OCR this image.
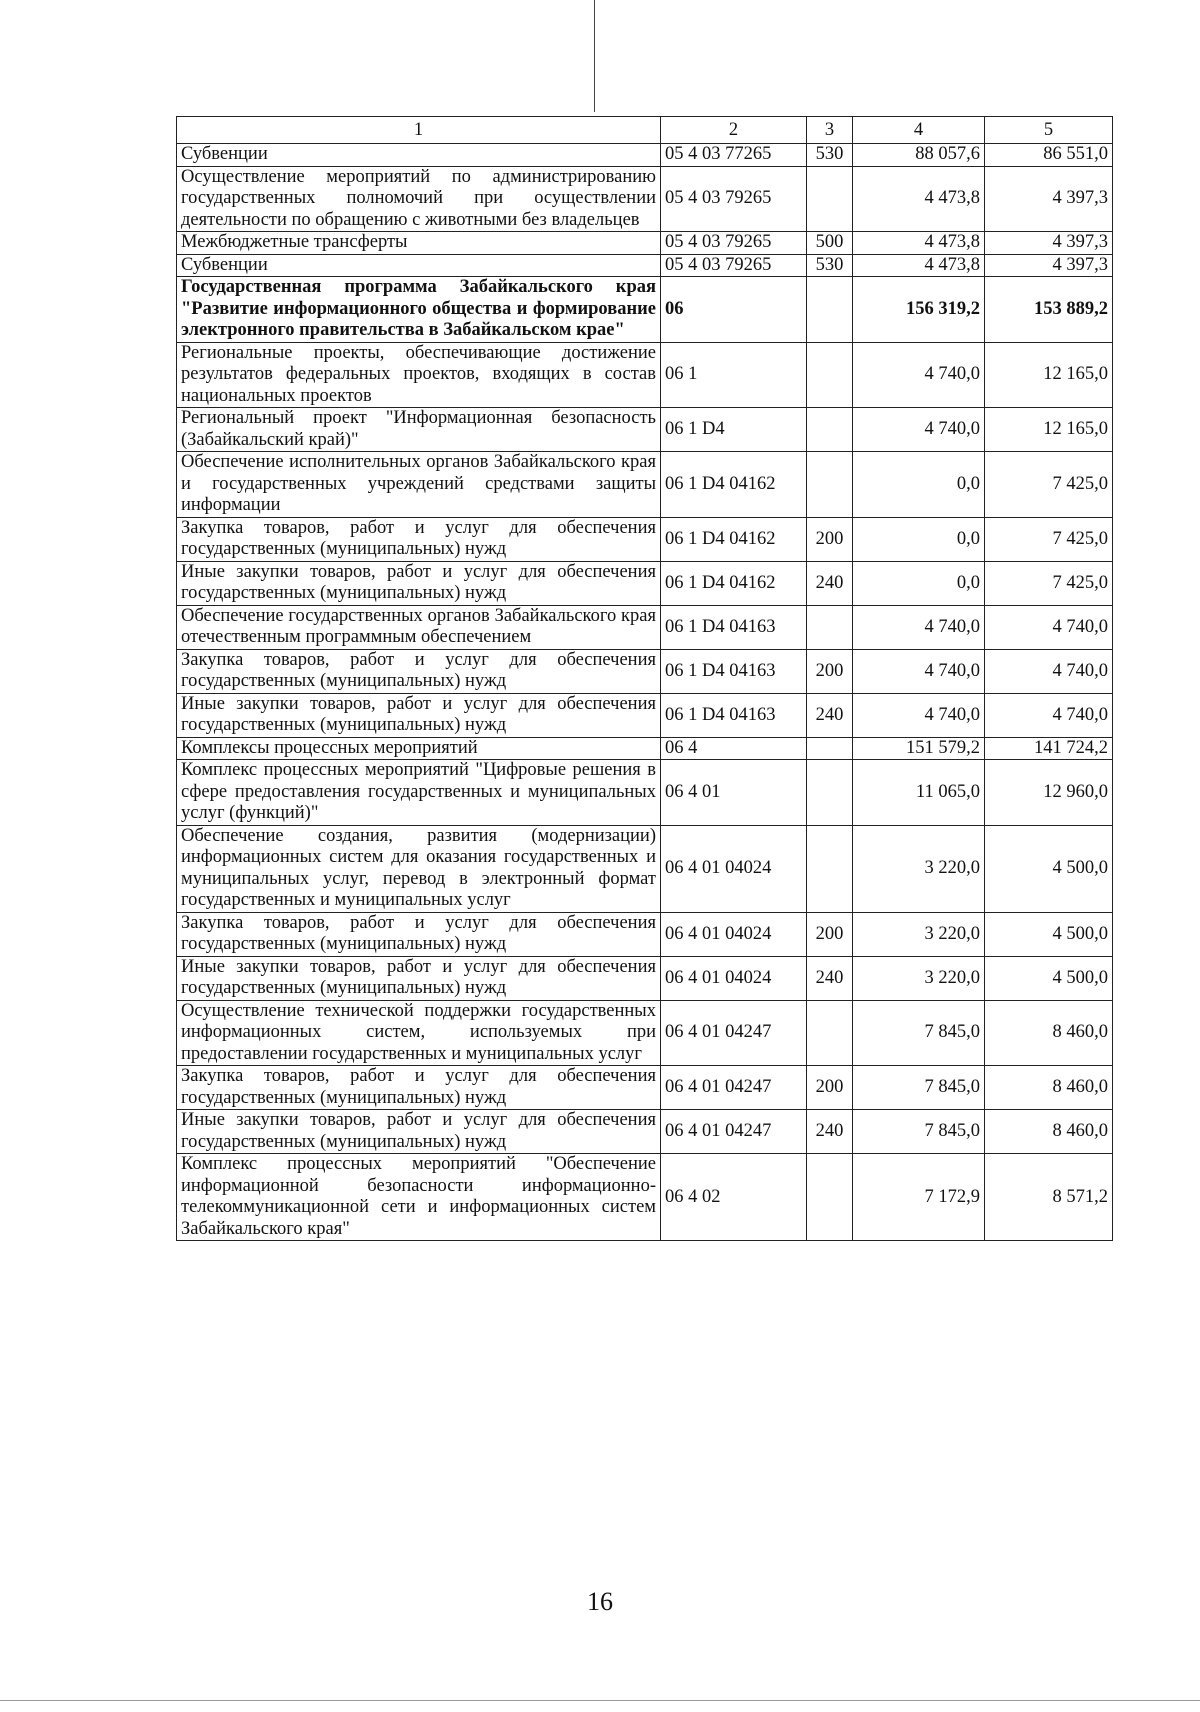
1	2	3	4	5
Субвенции	05 4 03 77265	530	88 057,6	86 551,0
Осуществление мероприятий по администрированию государственных полномочий при осуществлении деятельности по обращению с животными без владельцев	05 4 03 79265		4 473,8	4 397,3
Межбюджетные трансферты	05 4 03 79265	500	4 473,8	4 397,3
Субвенции	05 4 03 79265	530	4 473,8	4 397,3
Государственная программа Забайкальского края "Развитие информационного общества и формирование электронного правительства в Забайкальском крае"	06		156 319,2	153 889,2
Региональные проекты, обеспечивающие достижение результатов федеральных проектов, входящих в состав национальных проектов	06 1		4 740,0	12 165,0
Региональный проект "Информационная безопасность (Забайкальский край)"	06 1 D4		4 740,0	12 165,0
Обеспечение исполнительных органов Забайкальского края и государственных учреждений средствами защиты информации	06 1 D4 04162		0,0	7 425,0
Закупка товаров, работ и услуг для обеспечения государственных (муниципальных) нужд	06 1 D4 04162	200	0,0	7 425,0
Иные закупки товаров, работ и услуг для обеспечения государственных (муниципальных) нужд	06 1 D4 04162	240	0,0	7 425,0
Обеспечение государственных органов Забайкальского края отечественным программным обеспечением	06 1 D4 04163		4 740,0	4 740,0
Закупка товаров, работ и услуг для обеспечения государственных (муниципальных) нужд	06 1 D4 04163	200	4 740,0	4 740,0
Иные закупки товаров, работ и услуг для обеспечения государственных (муниципальных) нужд	06 1 D4 04163	240	4 740,0	4 740,0
Комплексы процессных мероприятий	06 4		151 579,2	141 724,2
Комплекс процессных мероприятий "Цифровые решения в сфере предоставления государственных и муниципальных услуг (функций)"	06 4 01		11 065,0	12 960,0
Обеспечение создания, развития (модернизации) информационных систем для оказания государственных и муниципальных услуг, перевод в электронный формат государственных и муниципальных услуг	06 4 01 04024		3 220,0	4 500,0
Закупка товаров, работ и услуг для обеспечения государственных (муниципальных) нужд	06 4 01 04024	200	3 220,0	4 500,0
Иные закупки товаров, работ и услуг для обеспечения государственных (муниципальных) нужд	06 4 01 04024	240	3 220,0	4 500,0
Осуществление технической поддержки государственных информационных систем, используемых при предоставлении государственных и муниципальных услуг	06 4 01 04247		7 845,0	8 460,0
Закупка товаров, работ и услуг для обеспечения государственных (муниципальных) нужд	06 4 01 04247	200	7 845,0	8 460,0
Иные закупки товаров, работ и услуг для обеспечения государственных (муниципальных) нужд	06 4 01 04247	240	7 845,0	8 460,0
Комплекс процессных мероприятий "Обеспечение информационной безопасности информационно-телекоммуникационной сети и информационных систем Забайкальского края"	06 4 02		7 172,9	8 571,2
16
